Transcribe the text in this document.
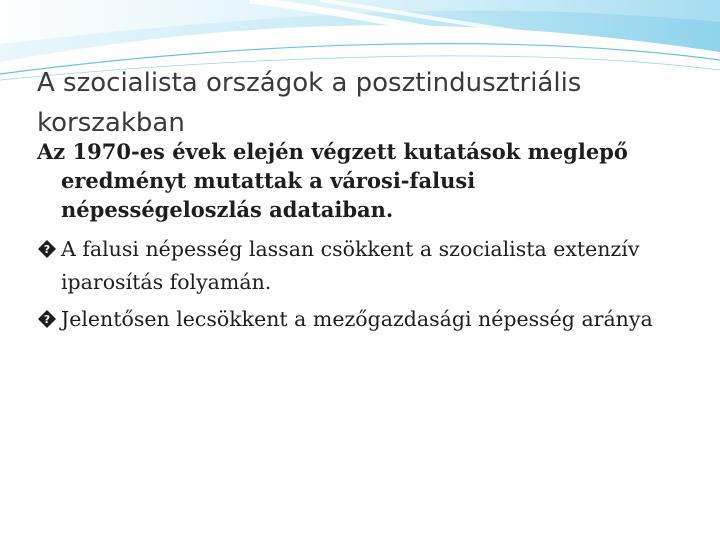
A szocialista országok a posztindusztriális korszakban

Az 1970-es évek elején végzett kutatások meglepő eredményt mutattak a városi-falusi népességeloszlás adataiban.

? A falusi népesség lassan csökkent a szocialista extenzív iparosítás folyamán.

? Jelentősen lecsökkent a mezőgazdasági népesség aránya
